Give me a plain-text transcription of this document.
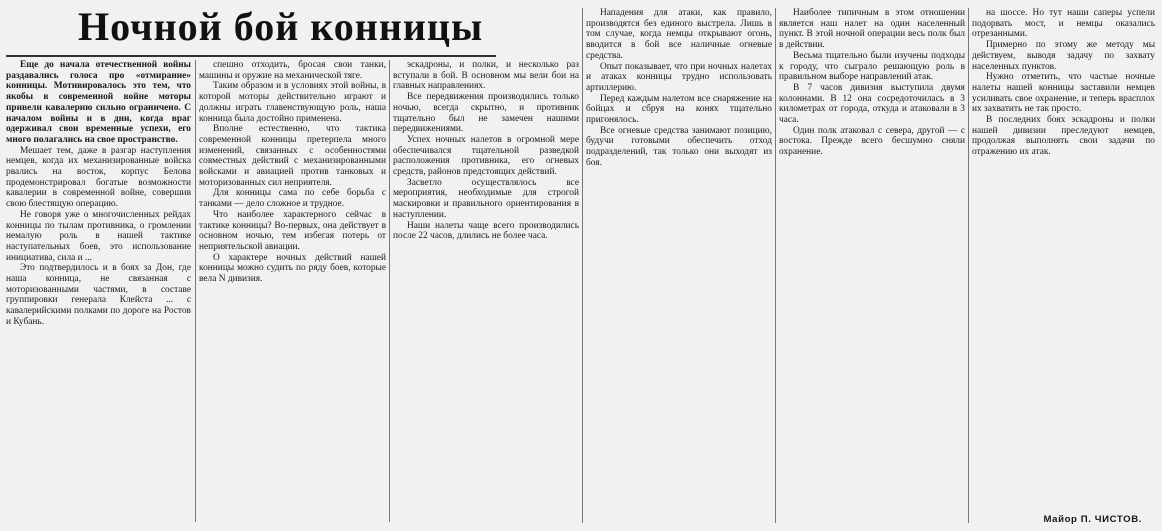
Ночной бой конницы

Еще до начала отечественной войны раздавались голоса про «отмирание» конницы. Мотивировалось это тем, что якобы в современной войне моторы привели кавалерию сильно ограничено. С началом войны и в дни, когда враг одерживал свои временные успехи, его много полагались на свое пространство.

Мешает тем, даже в разгар наступления немцев, когда их механизированные войска рвались на восток, корпус Белова продемонстрировал богатые возможности кавалерии в современной войне, совершив свою блестящую операцию.

Не говоря уже о многочисленных рейдах конницы по тылам противника, о громлении немалую роль в нашей тактике наступательных боев, это использование инициатива, сила и ...

Это подтвердилось и в боях за Дон, где наша конница, не связанная с моторизованными частями, в составе группировки генерала Клейста ... с кавалерийскими полками по дороге на Ростов и Кубань.

спешно отходить, бросая свои танки, машины и оружие на механической тяге.

Таким образом и в условиях этой войны, в которой моторы действительно играют и должны играть главенствующую роль, наша конница была достойно применена.

Вполне естественно, что тактика современной конницы претерпела много изменений, связанных с особенностями совместных действий с механизированными войсками и авиацией против танковых и моторизованных сил неприятеля.

Для конницы сама по себе борьба с танками — дело сложное и трудное.

Что наиболее характерного сейчас в тактике конницы? Во-первых, она действует в основном ночью, тем избегая потерь от неприятельской авиации.

О характере ночных действий нашей конницы можно судить по ряду боев, которые вела N дивизия.

эскадроны, и полки, и несколько раз вступали в бой. В основном мы вели бои на главных направлениях.

Все передвижения производились только ночью, всегда скрытно, и противник тщательно был не замечен нашими передвижениями.

Успех ночных налетов в огромной мере обеспечивался тщательной разведкой расположения противника, его огневых средств, районов предстоящих действий.

Засветло осуществлялось все мероприятия, необходимые для строгой маскировки и правильного ориентирования в наступлении.

Наши налеты чаще всего производились после 22 часов, длились не более часа.

Нападения для атаки, как правило, производятся без единого выстрела. Лишь в том случае, когда немцы открывают огонь, вводится в бой все наличные огневые средства.

Опыт показывает, что при ночных налетах и атаках конницы трудно использовать артиллерию.

Перед каждым налетом все снаряжение на бойцах и сбруя на конях тщательно пригонялось.

Все огневые средства занимают позицию, будучи готовыми обеспечить отход подразделений, так только они выходят из боя.

Наиболее типичным в этом отношении является наш налет на один населенный пункт. В этой ночной операции весь полк был в действии.

Весьма тщательно были изучены подходы к городу, что сыграло решающую роль в правильном выборе направлений атак.

В 7 часов дивизия выступила двумя колоннами. В 12 она сосредоточилась в 3 километрах от города, откуда и атаковали в 3 часа.

Один полк атаковал с севера, другой — с востока. Прежде всего бесшумно сняли охранение.

на шоссе. Но тут наши саперы успели подорвать мост, и немцы оказались отрезанными.

Примерно по этому же методу мы действуем, выводя задачу по захвату населенных пунктов.

Нужно отметить, что частые ночные налеты нашей конницы заставили немцев усиливать свое охранение, и теперь врасплох их захватить не так просто.

В последних боях эскадроны и полки нашей дивизии преследуют немцев, продолжая выполнять свои задачи по отражению их атак.

Майор П. ЧИСТОВ.
